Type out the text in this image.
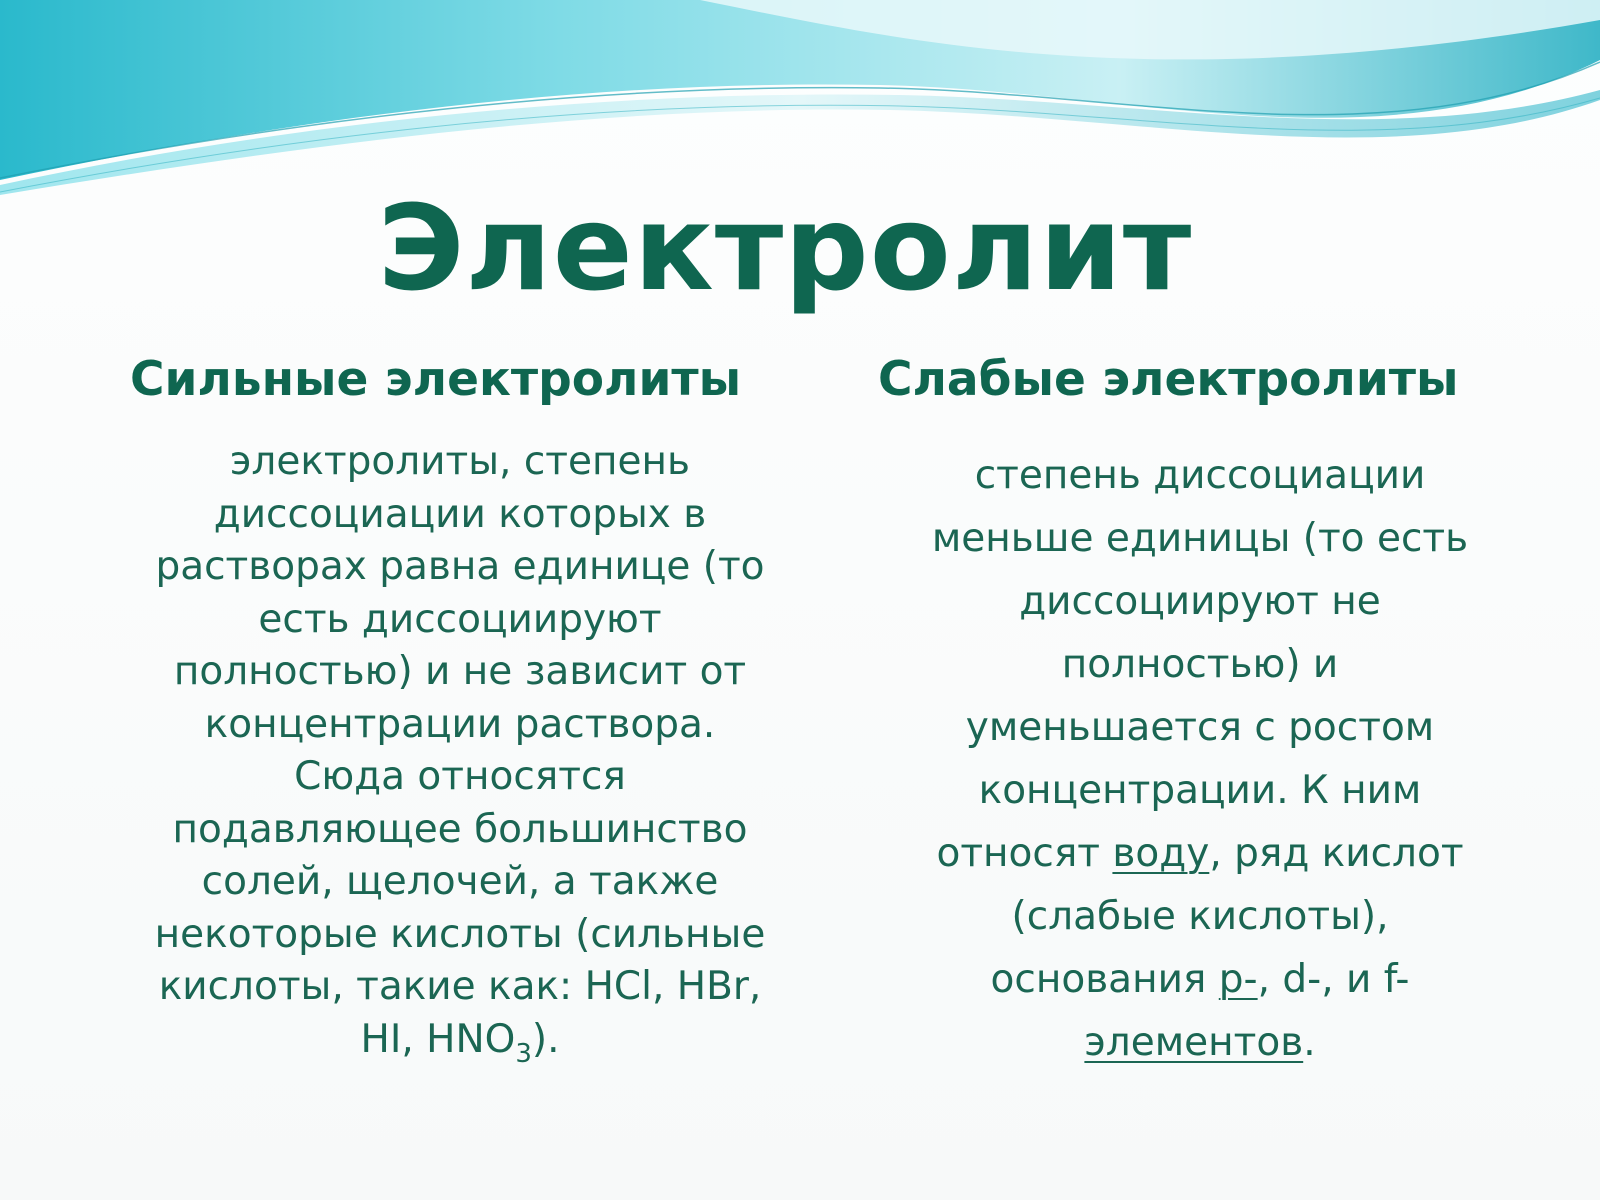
Электролит
Сильные электролиты	Слабые электролиты
электролиты, степень
диссоциации которых в
растворах равна единице (то
есть диссоциируют
полностью) и не зависит от
концентрации раствора.
Сюда относятся
подавляющее большинство
солей, щелочей, а также
некоторые кислоты (сильные
кислоты, такие как: HCl, HBr,
HI, $HNO_3$).
степень диссоциации
меньше единицы (то есть
диссоциируют не
полностью) и
уменьшается с ростом
концентрации. К ним
относят воду, ряд кислот
(слабые кислоты),
основания p-, d-, и f-
элементов.
